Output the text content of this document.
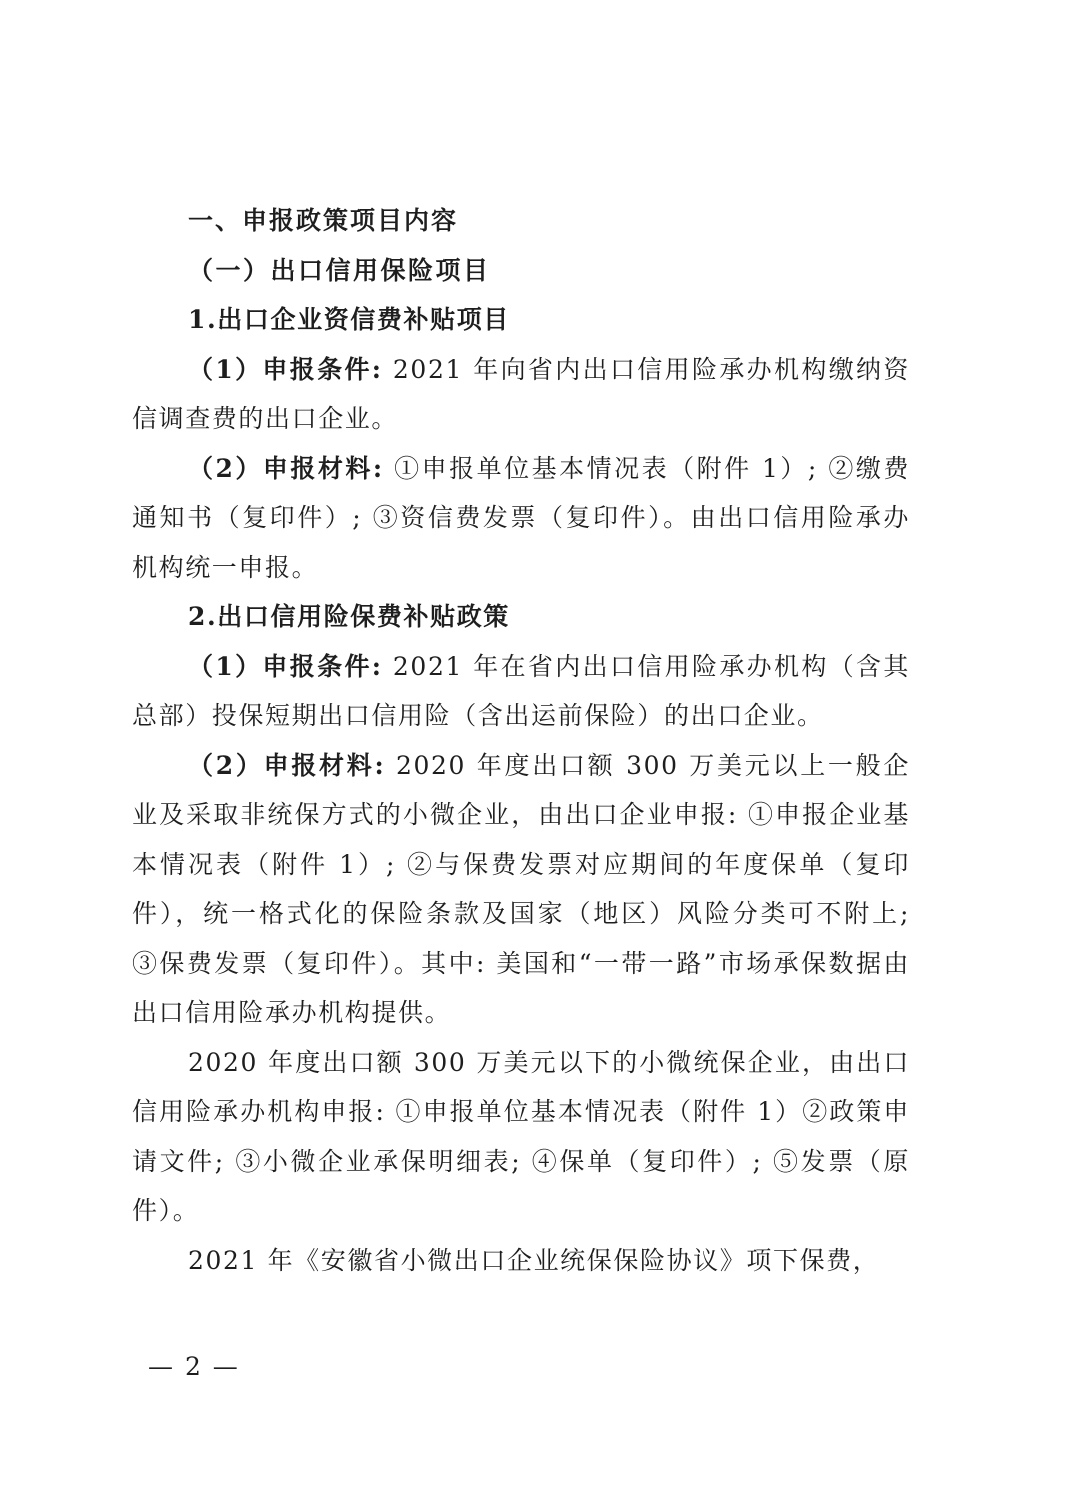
一、申报政策项目内容

（一）出口信用保险项目

1.出口企业资信费补贴项目

（1）申报条件: 2021 年向省内出口信用险承办机构缴纳资信调查费的出口企业。

（2）申报材料: ①申报单位基本情况表（附件 1）; ②缴费通知书（复印件）; ③资信费发票（复印件）。由出口信用险承办机构统一申报。

2.出口信用险保费补贴政策

（1）申报条件: 2021 年在省内出口信用险承办机构（含其总部）投保短期出口信用险（含出运前保险）的出口企业。

（2）申报材料: 2020 年度出口额 300 万美元以上一般企业及采取非统保方式的小微企业，由出口企业申报: ①申报企业基本情况表（附件 1）; ②与保费发票对应期间的年度保单（复印件），统一格式化的保险条款及国家（地区）风险分类可不附上; ③保费发票（复印件）。其中: 美国和“一带一路”市场承保数据由出口信用险承办机构提供。

2020 年度出口额 300 万美元以下的小微统保企业，由出口信用险承办机构申报: ①申报单位基本情况表（附件 1）②政策申请文件; ③小微企业承保明细表; ④保单（复印件）; ⑤发票（原件）。

2021 年《安徽省小微出口企业统保保险协议》项下保费，

— 2 —
